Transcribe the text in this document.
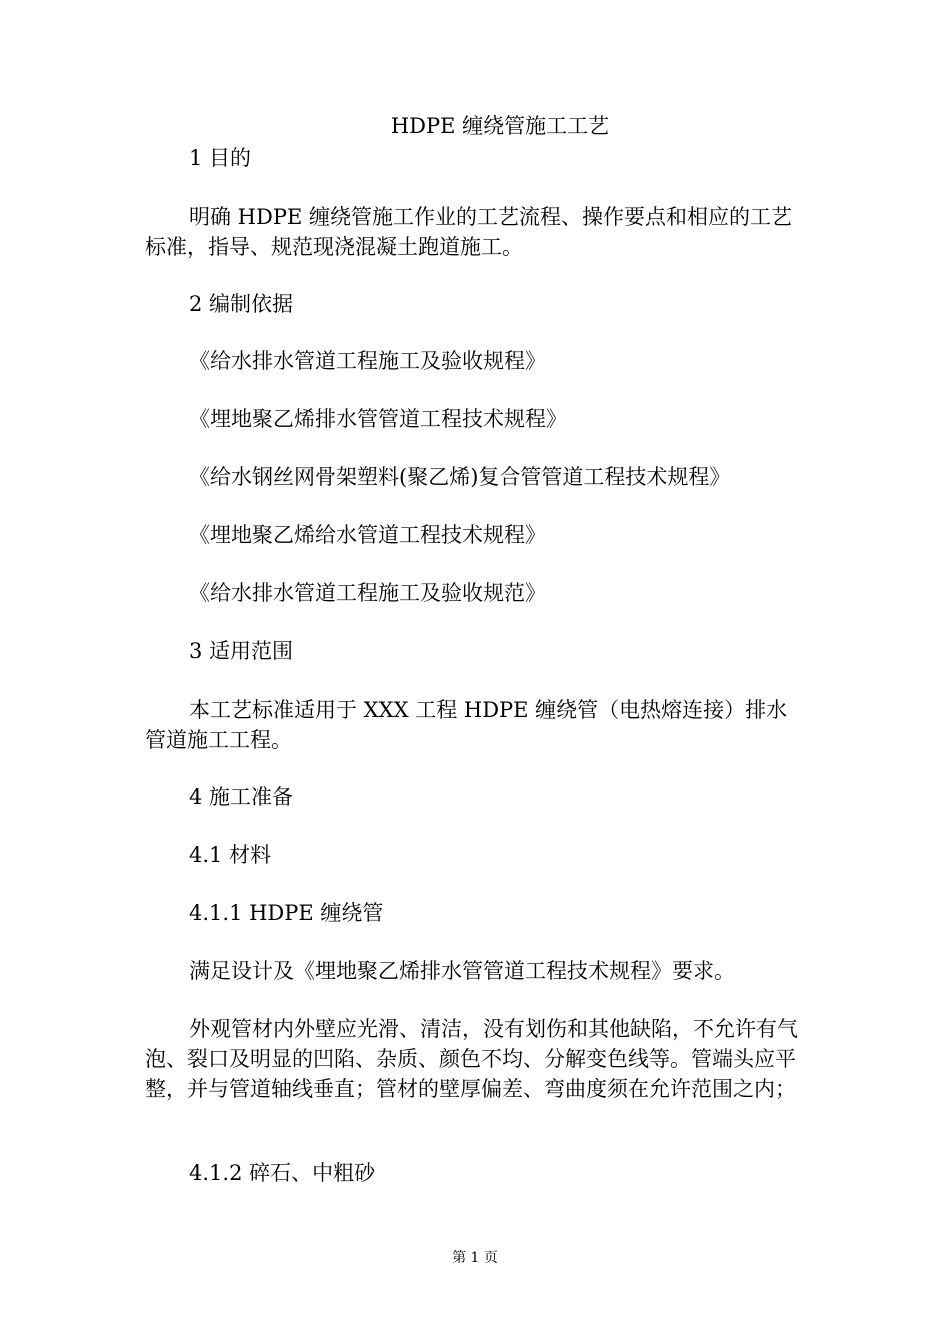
HDPE 缠绕管施工工艺

1 目的

明确 HDPE 缠绕管施工作业的工艺流程、操作要点和相应的工艺标准，指导、规范现浇混凝土跑道施工。

2 编制依据

《给水排水管道工程施工及验收规程》

《埋地聚乙烯排水管管道工程技术规程》

《给水钢丝网骨架塑料(聚乙烯)复合管管道工程技术规程》

《埋地聚乙烯给水管道工程技术规程》

《给水排水管道工程施工及验收规范》

3 适用范围

本工艺标准适用于 XXX 工程 HDPE 缠绕管（电热熔连接）排水管道施工工程。

4 施工准备

4.1 材料

4.1.1 HDPE 缠绕管

满足设计及《埋地聚乙烯排水管管道工程技术规程》要求。

外观管材内外壁应光滑、清洁，没有划伤和其他缺陷，不允许有气泡、裂口及明显的凹陷、杂质、颜色不均、分解变色线等。管端头应平整，并与管道轴线垂直；管材的壁厚偏差、弯曲度须在允许范围之内；

4.1.2 碎石、中粗砂

第 1 页
